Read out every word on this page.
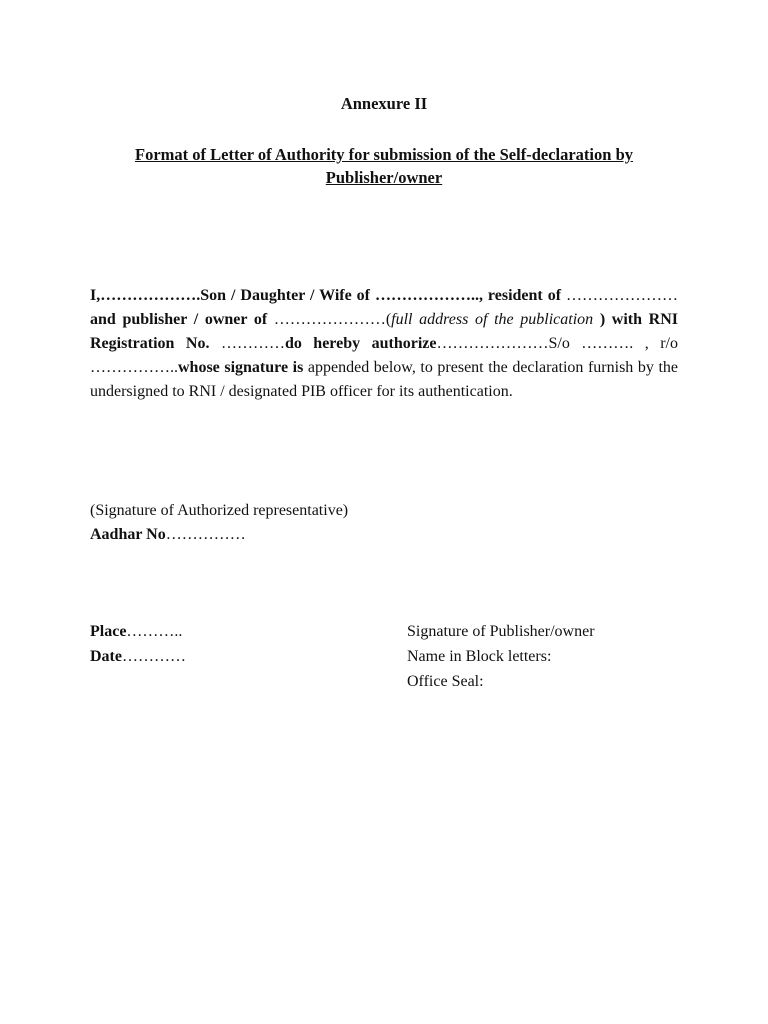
Annexure II
Format of Letter of Authority for submission of the Self-declaration by Publisher/owner
I,……………….Son / Daughter / Wife of ……………….., resident of …………………and publisher / owner of …………………(full address of the publication ) with RNI Registration No. …………do hereby authorize…………………S/o ………. , r/o ……………..whose signature is appended below, to present the declaration furnish by the undersigned to RNI / designated PIB officer for its authentication.
(Signature of Authorized representative)
Aadhar No……………
Place………..
Date…………
Signature of Publisher/owner
Name in Block letters:
Office Seal:
